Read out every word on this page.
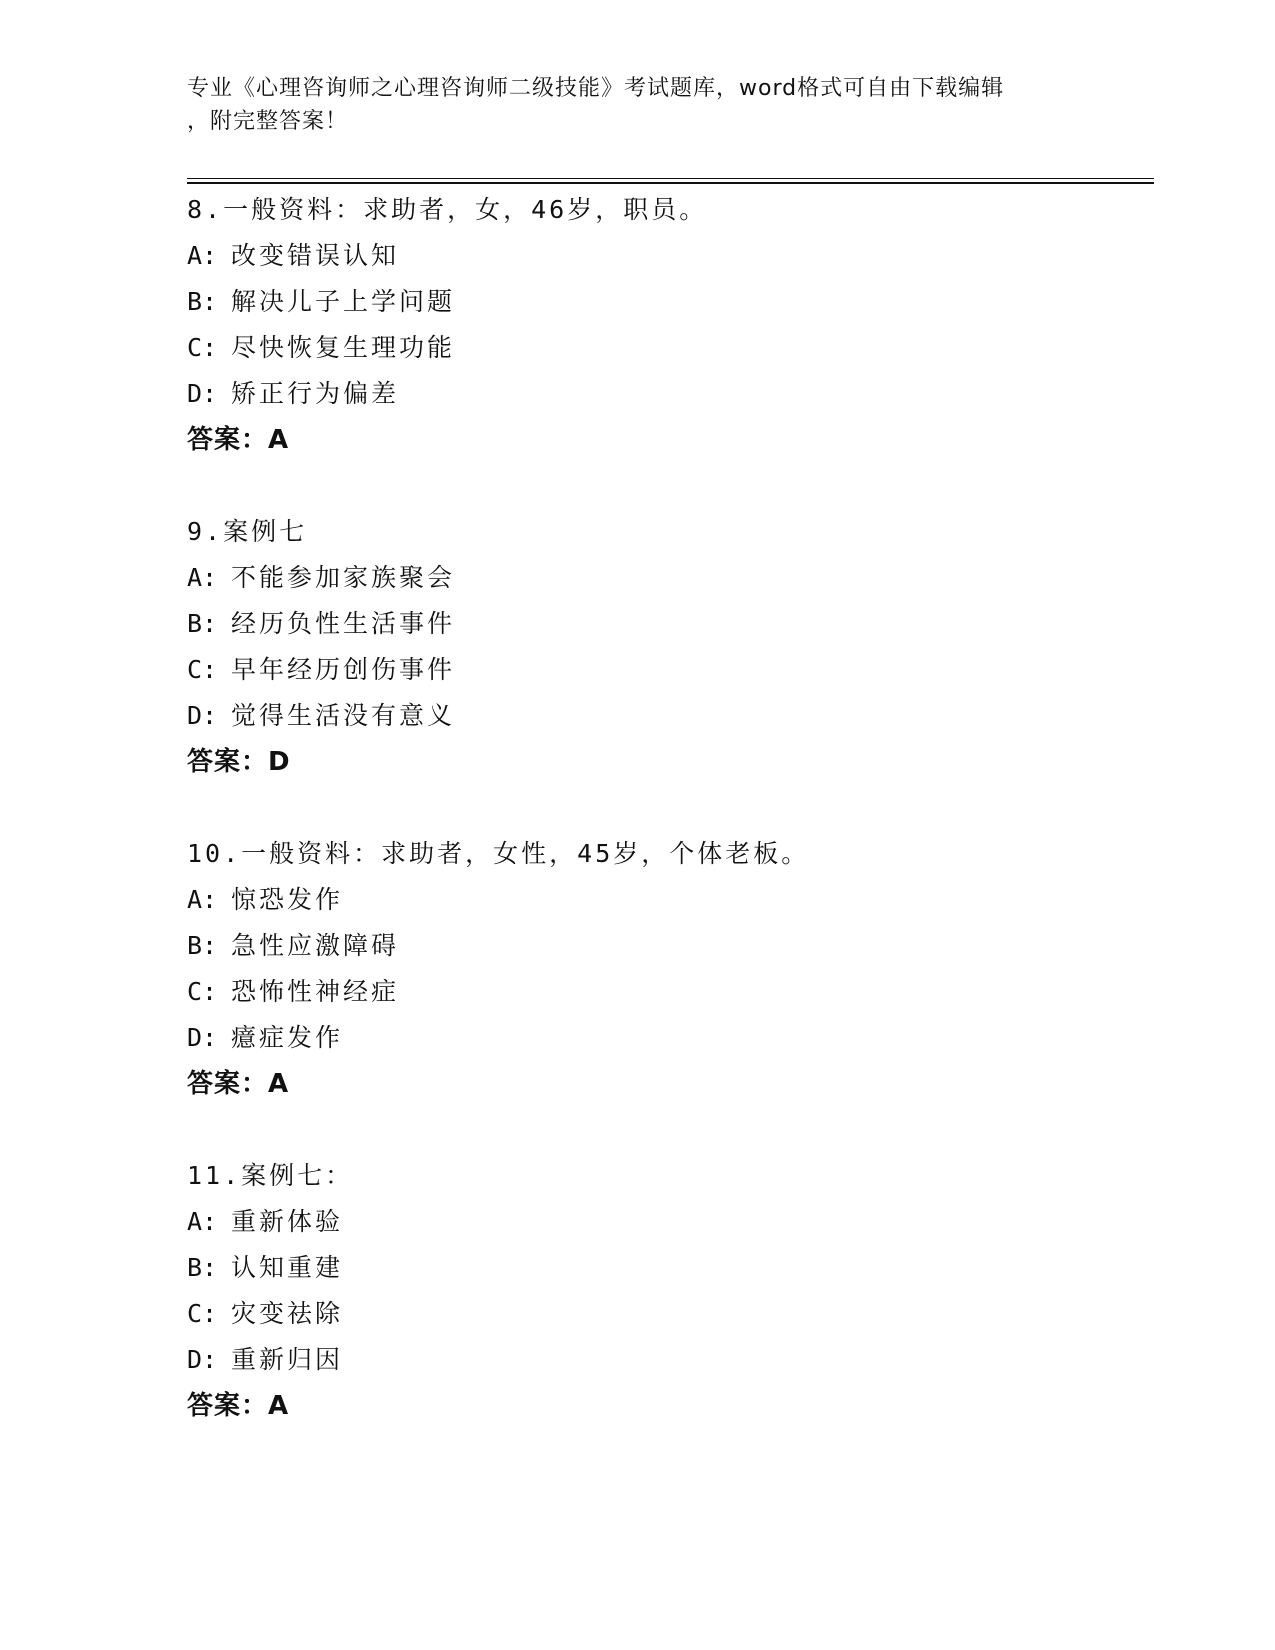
专业《心理咨询师之心理咨询师二级技能》考试题库，word格式可自由下载编辑
，附完整答案！
8.一般资料：求助者，女，46岁，职员。
A: 改变错误认知
B: 解决儿子上学问题
C: 尽快恢复生理功能
D: 矫正行为偏差
答案：A
9.案例七
A: 不能参加家族聚会
B: 经历负性生活事件
C: 早年经历创伤事件
D: 觉得生活没有意义
答案：D
10.一般资料：求助者，女性，45岁，个体老板。
A: 惊恐发作
B: 急性应激障碍
C: 恐怖性神经症
D: 癔症发作
答案：A
11.案例七：
A: 重新体验
B: 认知重建
C: 灾变祛除
D: 重新归因
答案：A
